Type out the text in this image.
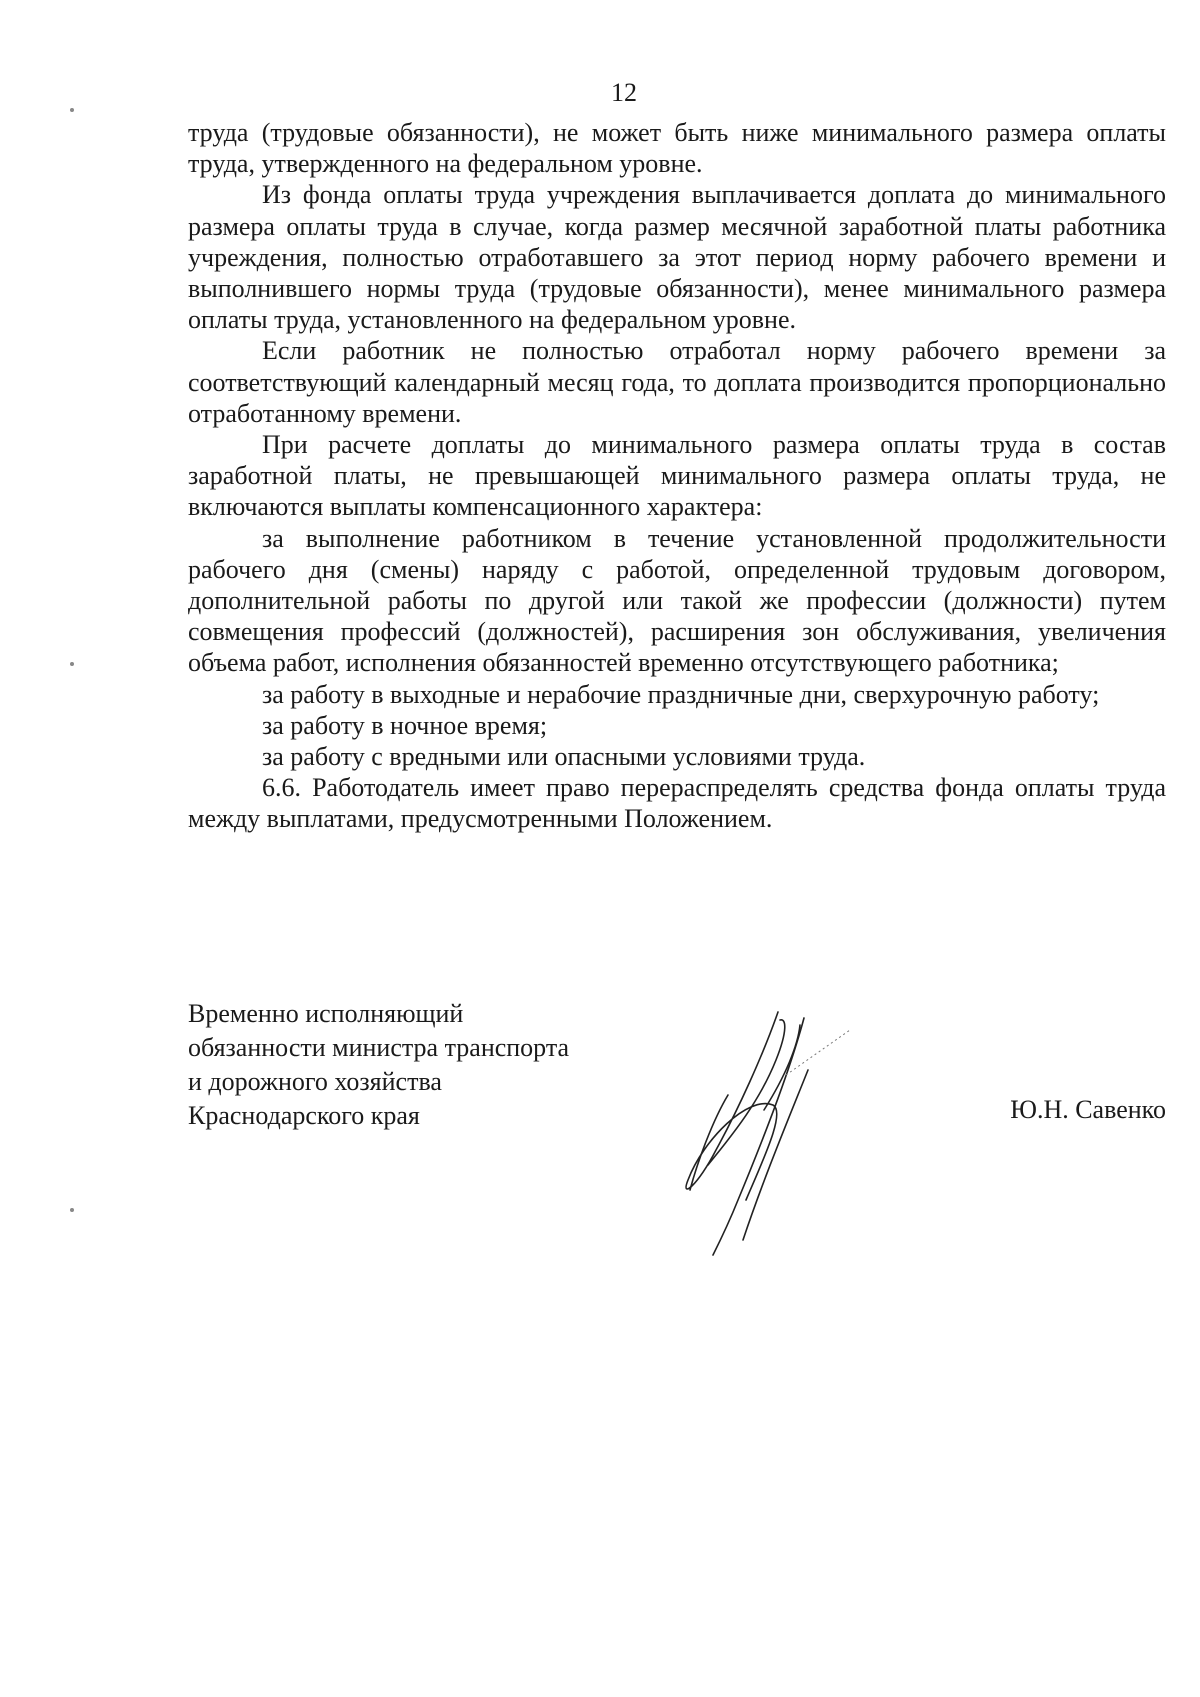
12

труда (трудовые обязанности), не может быть ниже минимального размера оплаты труда, утвержденного на федеральном уровне.

Из фонда оплаты труда учреждения выплачивается доплата до минимального размера оплаты труда в случае, когда размер месячной заработной платы работника учреждения, полностью отработавшего за этот период норму рабочего времени и выполнившего нормы труда (трудовые обязанности), менее минимального размера оплаты труда, установленного на федеральном уровне.

Если работник не полностью отработал норму рабочего времени за соответствующий календарный месяц года, то доплата производится пропорционально отработанному времени.

При расчете доплаты до минимального размера оплаты труда в состав заработной платы, не превышающей минимального размера оплаты труда, не включаются выплаты компенсационного характера:

за выполнение работником в течение установленной продолжительности рабочего дня (смены) наряду с работой, определенной трудовым договором, дополнительной работы по другой или такой же профессии (должности) путем совмещения профессий (должностей), расширения зон обслуживания, увеличения объема работ, исполнения обязанностей временно отсутствующего работника;

за работу в выходные и нерабочие праздничные дни, сверхурочную работу;

за работу в ночное время;

за работу с вредными или опасными условиями труда.

6.6. Работодатель имеет право перераспределять средства фонда оплаты труда между выплатами, предусмотренными Положением.

Временно исполняющий
обязанности министра транспорта
и дорожного хозяйства
Краснодарского края	Ю.Н. Савенко
